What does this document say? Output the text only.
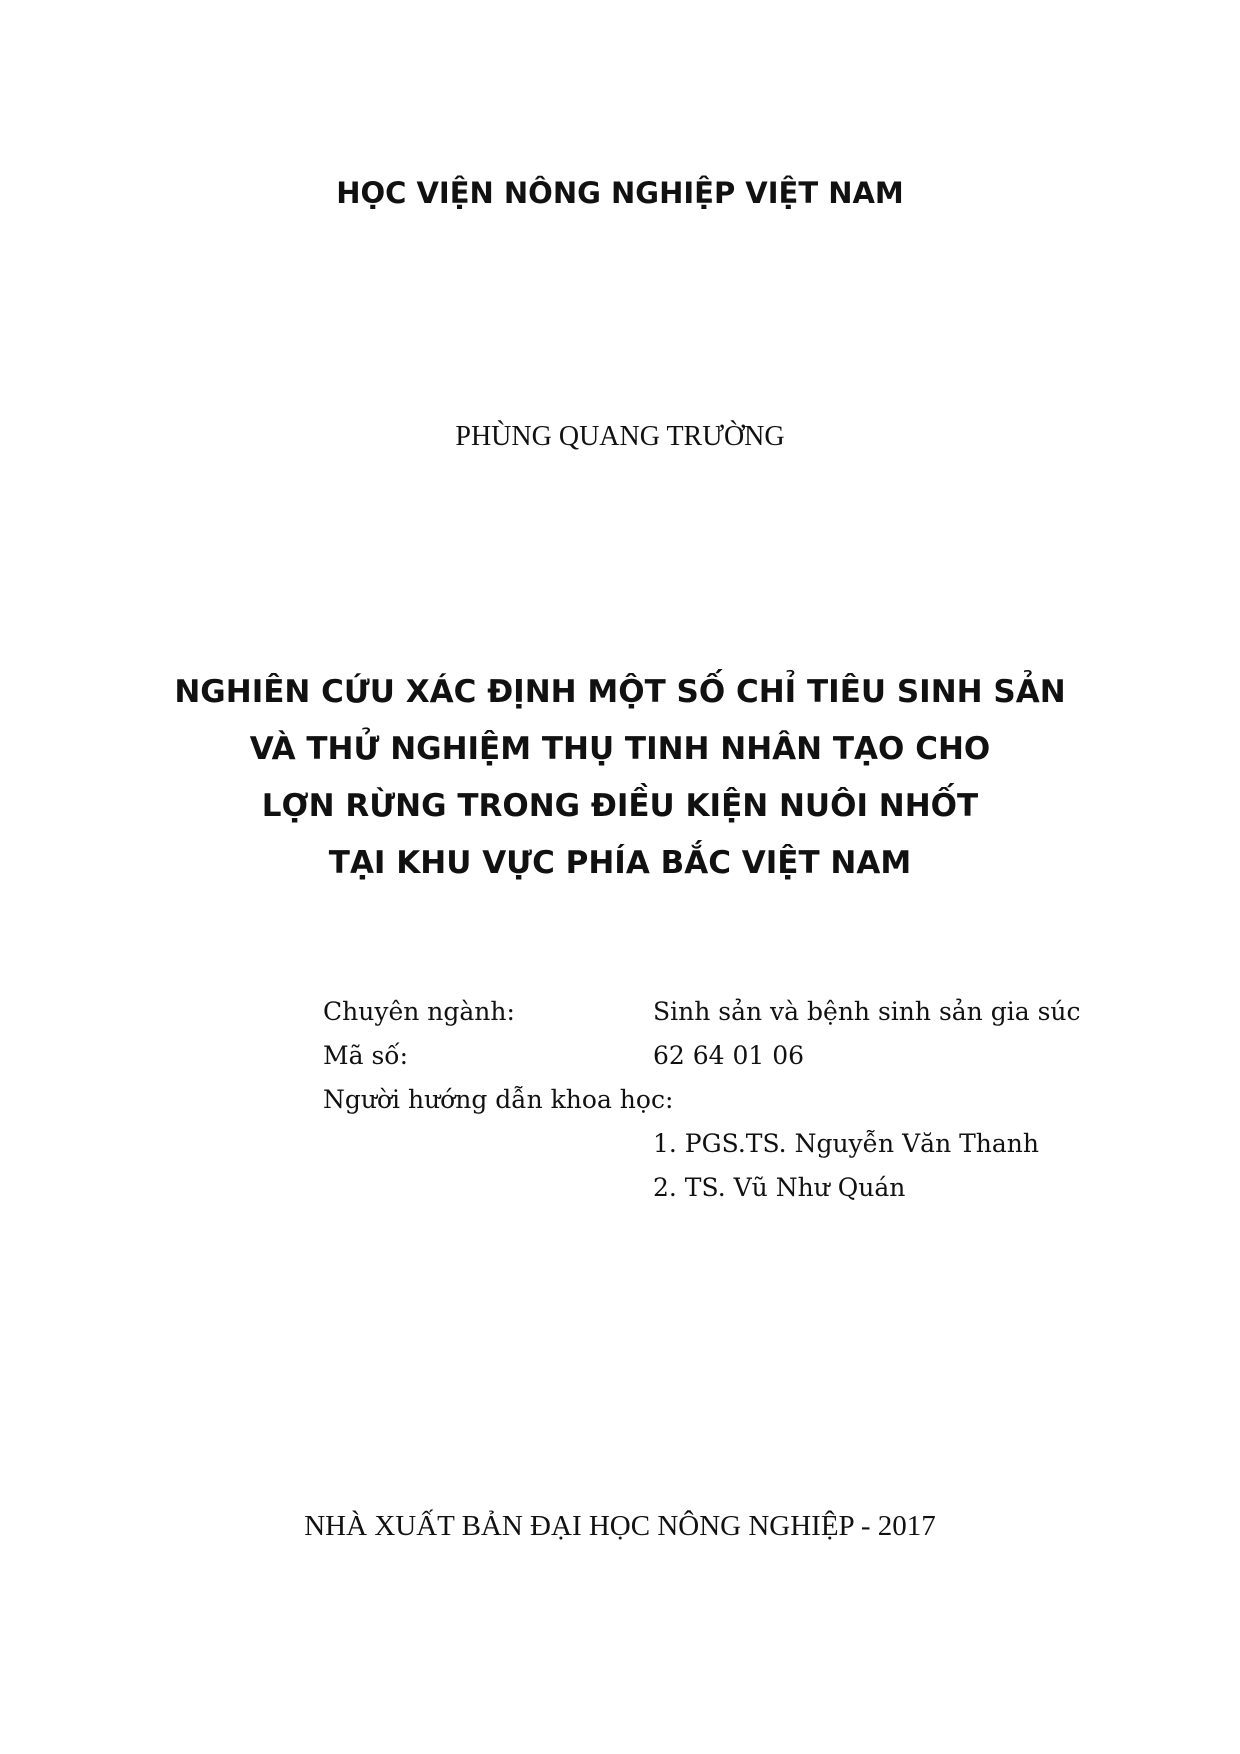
HỌC VIỆN NÔNG NGHIỆP VIỆT NAM

PHÙNG QUANG TRƯỜNG

NGHIÊN CỨU XÁC ĐỊNH MỘT SỐ CHỈ TIÊU SINH SẢN
VÀ THỬ NGHIỆM THỤ TINH NHÂN TẠO CHO
LỢN RỪNG TRONG ĐIỀU KIỆN NUÔI NHỐT
TẠI KHU VỰC PHÍA BẮC VIỆT NAM
Chuyên ngành:	Sinh sản và bệnh sinh sản gia súc
Mã số:	62 64 01 06
Người hướng dẫn khoa học:
1. PGS.TS. Nguyễn Văn Thanh
2. TS. Vũ Như Quán

NHÀ XUẤT BẢN ĐẠI HỌC NÔNG NGHIỆP - 2017
